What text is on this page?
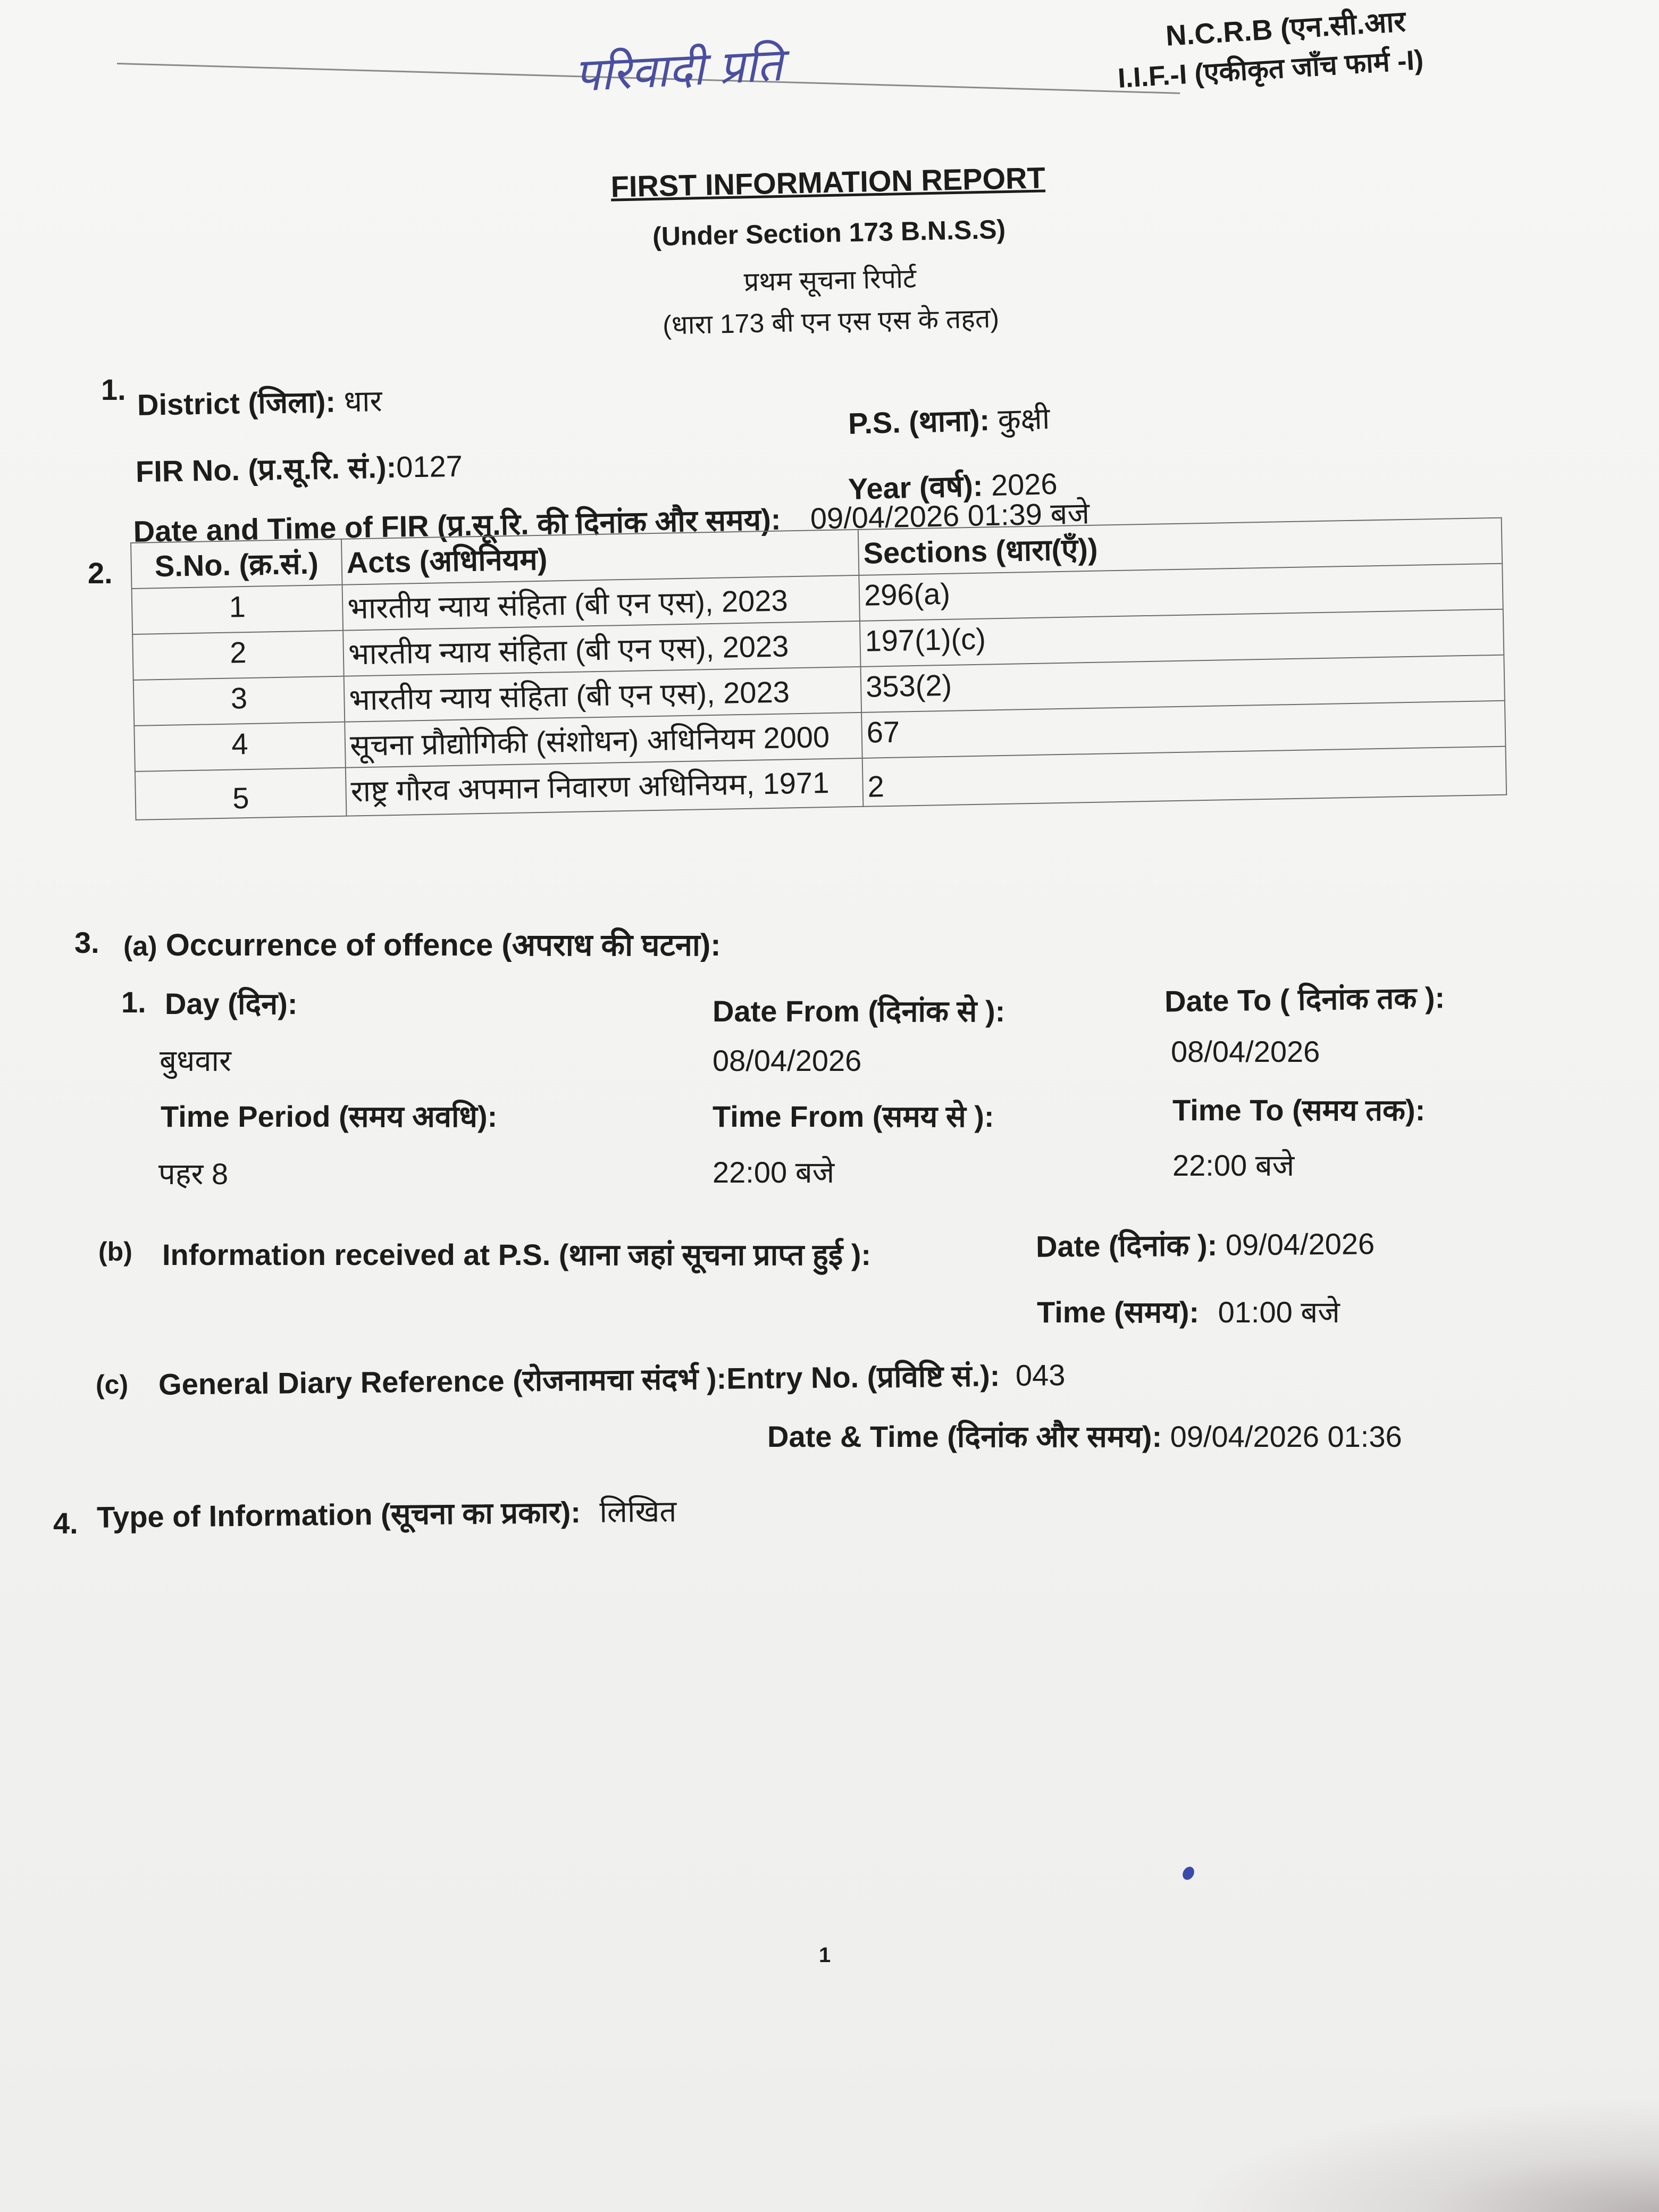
परिवादी प्रति
N.C.R.B (एन.सी.आर
I.I.F.-I (एकीकृत जाँच फार्म -I)
FIRST INFORMATION REPORT
(Under Section 173 B.N.S.S)
प्रथम सूचना रिपोर्ट
(धारा 173 बी एन एस एस के तहत)
1. District (जिला): धार
P.S. (थाना): कुक्षी
FIR No. (प्र.सू.रि. सं.):0127
Year (वर्ष): 2026
Date and Time of FIR (प्र.सू.रि. की दिनांक और समय): 09/04/2026 01:39 बजे
2. S.No. (क्र.सं.)	Acts (अधिनियम)	Sections (धारा(एँ))
1	भारतीय न्याय संहिता (बी एन एस), 2023	296(a)
2	भारतीय न्याय संहिता (बी एन एस), 2023	197(1)(c)
3	भारतीय न्याय संहिता (बी एन एस), 2023	353(2)
4	सूचना प्रौद्योगिकी (संशोधन) अधिनियम 2000	67
5	राष्ट्र गौरव अपमान निवारण अधिनियम, 1971	2
3. (a) Occurrence of offence (अपराध की घटना):
1. Day (दिन):
बुधवार
Date From (दिनांक से ):
08/04/2026
Date To ( दिनांक तक ):
08/04/2026
Time Period (समय अवधि):
पहर 8
Time From (समय से ):
22:00 बजे
Time To (समय तक):
22:00 बजे
(b) Information received at P.S. (थाना जहां सूचना प्राप्त हुई ):	Date (दिनांक ): 09/04/2026
Time (समय): 01:00 बजे
(c) General Diary Reference (रोजनामचा संदर्भ ):Entry No. (प्रविष्टि सं.): 043
Date & Time (दिनांक और समय): 09/04/2026 01:36
4. Type of Information (सूचना का प्रकार): लिखित
1
